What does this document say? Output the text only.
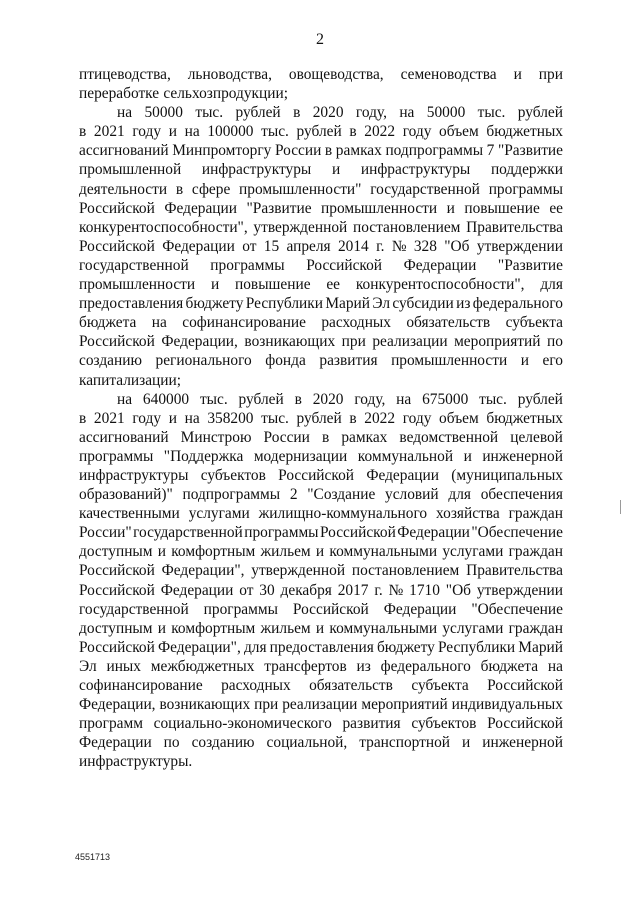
2
птицеводства, льноводства, овощеводства, семеноводства и при
переработке сельхозпродукции;
на 50000 тыс. рублей в 2020 году, на 50000 тыс. рублей
в 2021 году и на 100000 тыс. рублей в 2022 году объем бюджетных
ассигнований Минпромторгу России в рамках подпрограммы 7 "Развитие
промышленной инфраструктуры и инфраструктуры поддержки
деятельности в сфере промышленности" государственной программы
Российской Федерации "Развитие промышленности и повышение ее
конкурентоспособности", утвержденной постановлением Правительства
Российской Федерации от 15 апреля 2014 г. № 328 "Об утверждении
государственной программы Российской Федерации "Развитие
промышленности и повышение ее конкурентоспособности", для
предоставления бюджету Республики Марий Эл субсидии из федерального
бюджета на софинансирование расходных обязательств субъекта
Российской Федерации, возникающих при реализации мероприятий по
созданию регионального фонда развития промышленности и его
капитализации;
на 640000 тыс. рублей в 2020 году, на 675000 тыс. рублей
в 2021 году и на 358200 тыс. рублей в 2022 году объем бюджетных
ассигнований Минстрою России в рамках ведомственной целевой
программы "Поддержка модернизации коммунальной и инженерной
инфраструктуры субъектов Российской Федерации (муниципальных
образований)" подпрограммы 2 "Создание условий для обеспечения
качественными услугами жилищно-коммунального хозяйства граждан
России" государственной программы Российской Федерации "Обеспечение
доступным и комфортным жильем и коммунальными услугами граждан
Российской Федерации", утвержденной постановлением Правительства
Российской Федерации от 30 декабря 2017 г. № 1710 "Об утверждении
государственной программы Российской Федерации "Обеспечение
доступным и комфортным жильем и коммунальными услугами граждан
Российской Федерации", для предоставления бюджету Республики Марий
Эл иных межбюджетных трансфертов из федерального бюджета на
софинансирование расходных обязательств субъекта Российской
Федерации, возникающих при реализации мероприятий индивидуальных
программ социально-экономического развития субъектов Российской
Федерации по созданию социальной, транспортной и инженерной
инфраструктуры.
4551713
